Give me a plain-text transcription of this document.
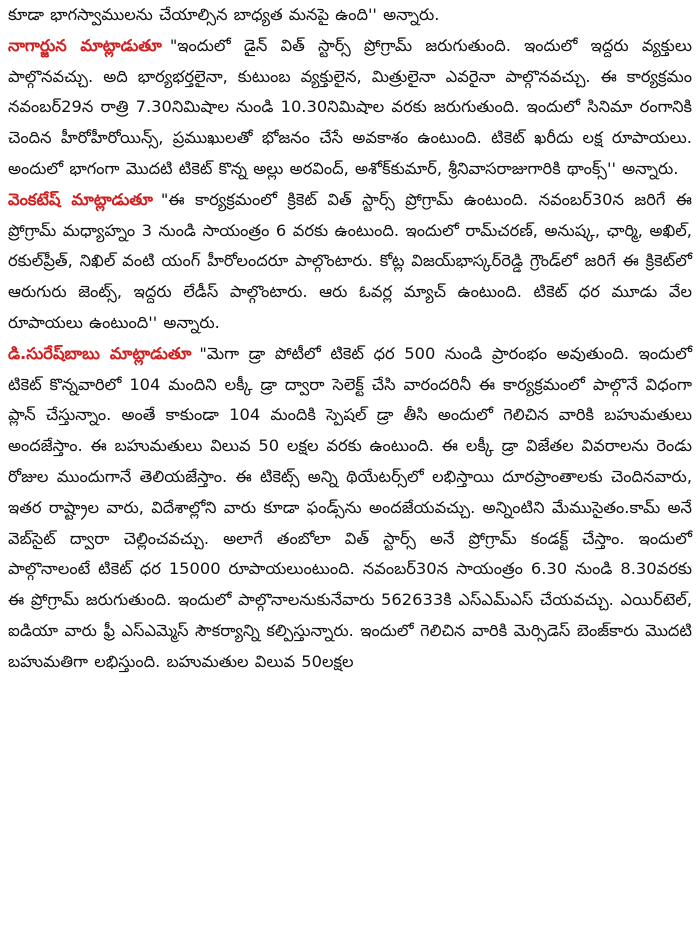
కూడా భాగస్వాములను చేయాల్సిన బాధ్యత మనపై ఉంది'' అన్నారు.

నాగార్జున మాట్లాడుతూ "ఇందులో డైన్ విత్ స్టార్స్ ప్రోగ్రామ్ జరుగుతుంది. ఇందులో ఇద్దరు వ్యక్తులు పాల్గొనవచ్చు. అది భార్యభర్తలైనా, కుటుంబ వ్యక్తులైన, మిత్రులైనా ఎవరైనా పాల్గొనవచ్చు. ఈ కార్యక్రమం నవంబర్29న రాత్రి 7.30నిమిషాల నుండి 10.30నిమిషాల వరకు జరుగుతుంది. ఇందులో సినిమా రంగానికి చెందిన హీరోహీరోయిన్స్, ప్రముఖులతో భోజనం చేసే అవకాశం ఉంటుంది. టికెట్ ఖరీదు లక్ష రూపాయలు. అందులో భాగంగా మొదటి టికెట్ కొన్న అల్లు అరవింద్, అశోక్‌కుమార్, శ్రీనివాసరాజుగారికి థాంక్స్'' అన్నారు.

వెంకటేష్ మాట్లాడుతూ "ఈ కార్యక్రమంలో క్రికెట్ విత్ స్టార్స్ ప్రోగ్రామ్ ఉంటుంది. నవంబర్30న జరిగే ఈ ప్రోగ్రామ్ మధ్యాహ్నం 3 నుండి సాయంత్రం 6 వరకు ఉంటుంది. ఇందులో రామ్‌చరణ్, అనుష్క, ఛార్మి, అఖిల్, రకుల్‌ప్రీత్, నిఖిల్ వంటి యంగ్ హీరోలందరూ పాల్గొంటారు. కోట్ల విజయ్‌భాస్కర్‌రెడ్డి గ్రౌండ్‌లో జరిగే ఈ క్రికెట్‌లో ఆరుగురు జెంట్స్, ఇద్దరు లేడీస్ పాల్గొంటారు. ఆరు ఓవర్ల మ్యాచ్ ఉంటుంది. టికెట్ ధర మూడు వేల రూపాయలు ఉంటుంది'' అన్నారు.

డి.సురేష్‌బాబు మాట్లాడుతూ "మెగా డ్రా పోటీలో టికెట్ ధర 500 నుండి ప్రారంభం అవుతుంది. ఇందులో టికెట్ కొన్నవారిలో 104 మందిని లక్కీ డ్రా ద్వారా సెలెక్ట్ చేసి వారందరినీ ఈ కార్యక్రమంలో పాల్గొనే విధంగా ప్లాన్ చేస్తున్నాం. అంతే కాకుండా 104 మందికి స్పెషల్ డ్రా తీసి అందులో గెలిచిన వారికి బహుమతులు అందజేస్తాం. ఈ బహుమతులు విలువ 50 లక్షల వరకు ఉంటుంది. ఈ లక్కీ డ్రా విజేతల వివరాలను రెండు రోజుల ముందుగానే తెలియజేస్తాం. ఈ టికెట్స్ అన్ని థియేటర్స్‌లో లభిస్తాయి దూరప్రాంతాలకు చెందినవారు, ఇతర రాష్ట్రాల వారు, విదేశాల్లోని వారు కూడా ఫండ్స్‌ను అందజేయవచ్చు. అన్నింటిని మేముసైతం.కామ్ అనే వెబ్‌సైట్ ద్వారా చెల్లించవచ్చు. అలాగే తంబోలా విత్ స్టార్స్ అనే ప్రోగ్రామ్ కండక్ట్ చేస్తాం. ఇందులో పాల్గొనాలంటే టికెట్ ధర 15000 రూపాయలుంటుంది. నవంబర్30న సాయంత్రం 6.30 నుండి 8.30వరకు ఈ ప్రోగ్రామ్ జరుగుతుంది. ఇందులో పాల్గొనాలనుకునేవారు 562633కి ఎస్ఎమ్ఎస్ చేయవచ్చు. ఎయిర్‌టెల్, ఐడియా వారు ఫ్రీ ఎస్ఎమ్మెస్ సౌకర్యాన్ని కల్పిస్తున్నారు. ఇందులో గెలిచిన వారికి మెర్సిడెస్ బెంజ్‌కారు మొదటి బహుమతిగా లభిస్తుంది. బహుమతుల విలువ 50లక్షల
